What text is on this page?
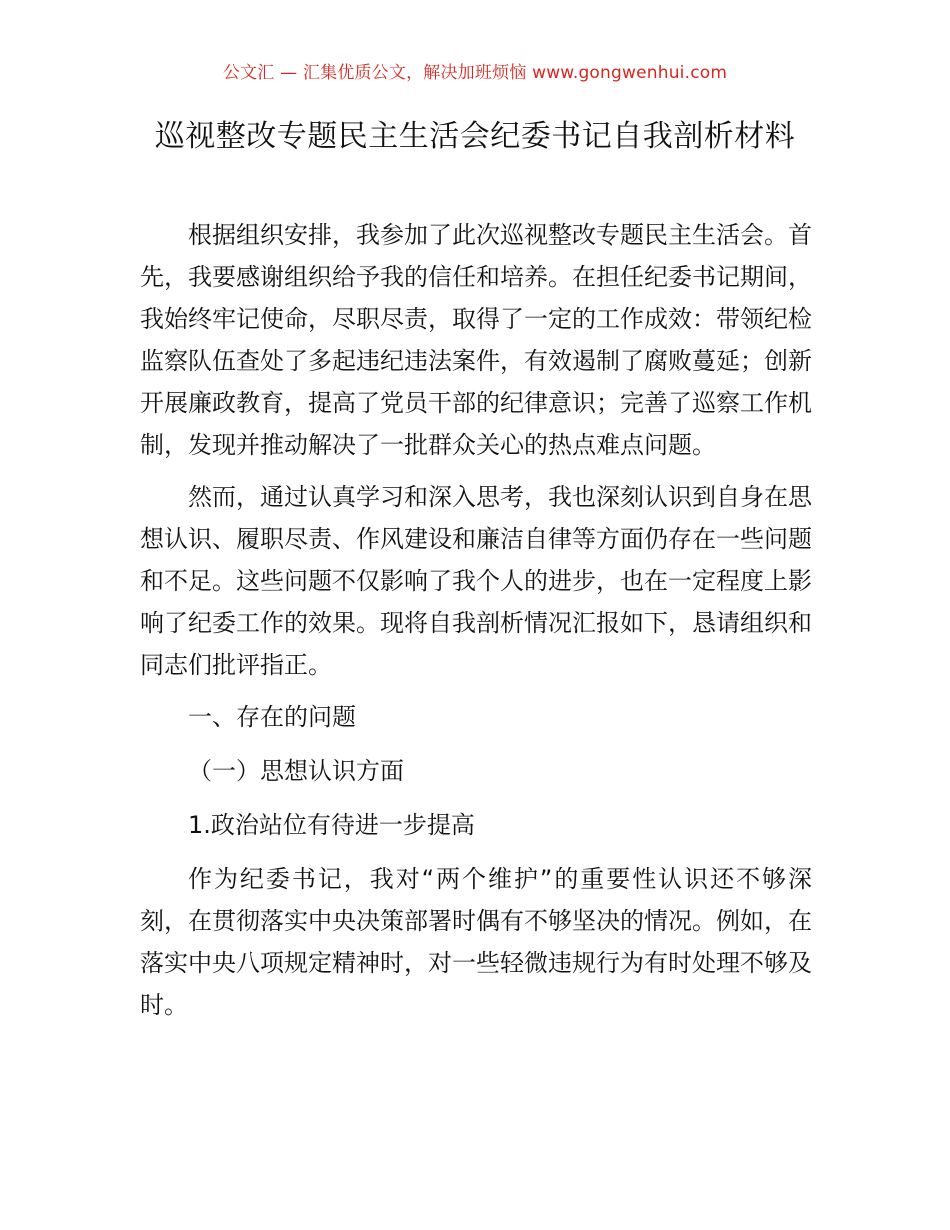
公文汇 — 汇集优质公文，解决加班烦恼 www.gongwenhui.com
巡视整改专题民主生活会纪委书记自我剖析材料

根据组织安排，我参加了此次巡视整改专题民主生活会。首先，我要感谢组织给予我的信任和培养。在担任纪委书记期间，我始终牢记使命，尽职尽责，取得了一定的工作成效：带领纪检监察队伍查处了多起违纪违法案件，有效遏制了腐败蔓延；创新开展廉政教育，提高了党员干部的纪律意识；完善了巡察工作机制，发现并推动解决了一批群众关心的热点难点问题。

然而，通过认真学习和深入思考，我也深刻认识到自身在思想认识、履职尽责、作风建设和廉洁自律等方面仍存在一些问题和不足。这些问题不仅影响了我个人的进步，也在一定程度上影响了纪委工作的效果。现将自我剖析情况汇报如下，恳请组织和同志们批评指正。

一、存在的问题

（一）思想认识方面

1.政治站位有待进一步提高

作为纪委书记，我对“两个维护”的重要性认识还不够深刻，在贯彻落实中央决策部署时偶有不够坚决的情况。例如，在落实中央八项规定精神时，对一些轻微违规行为有时处理不够及时。
